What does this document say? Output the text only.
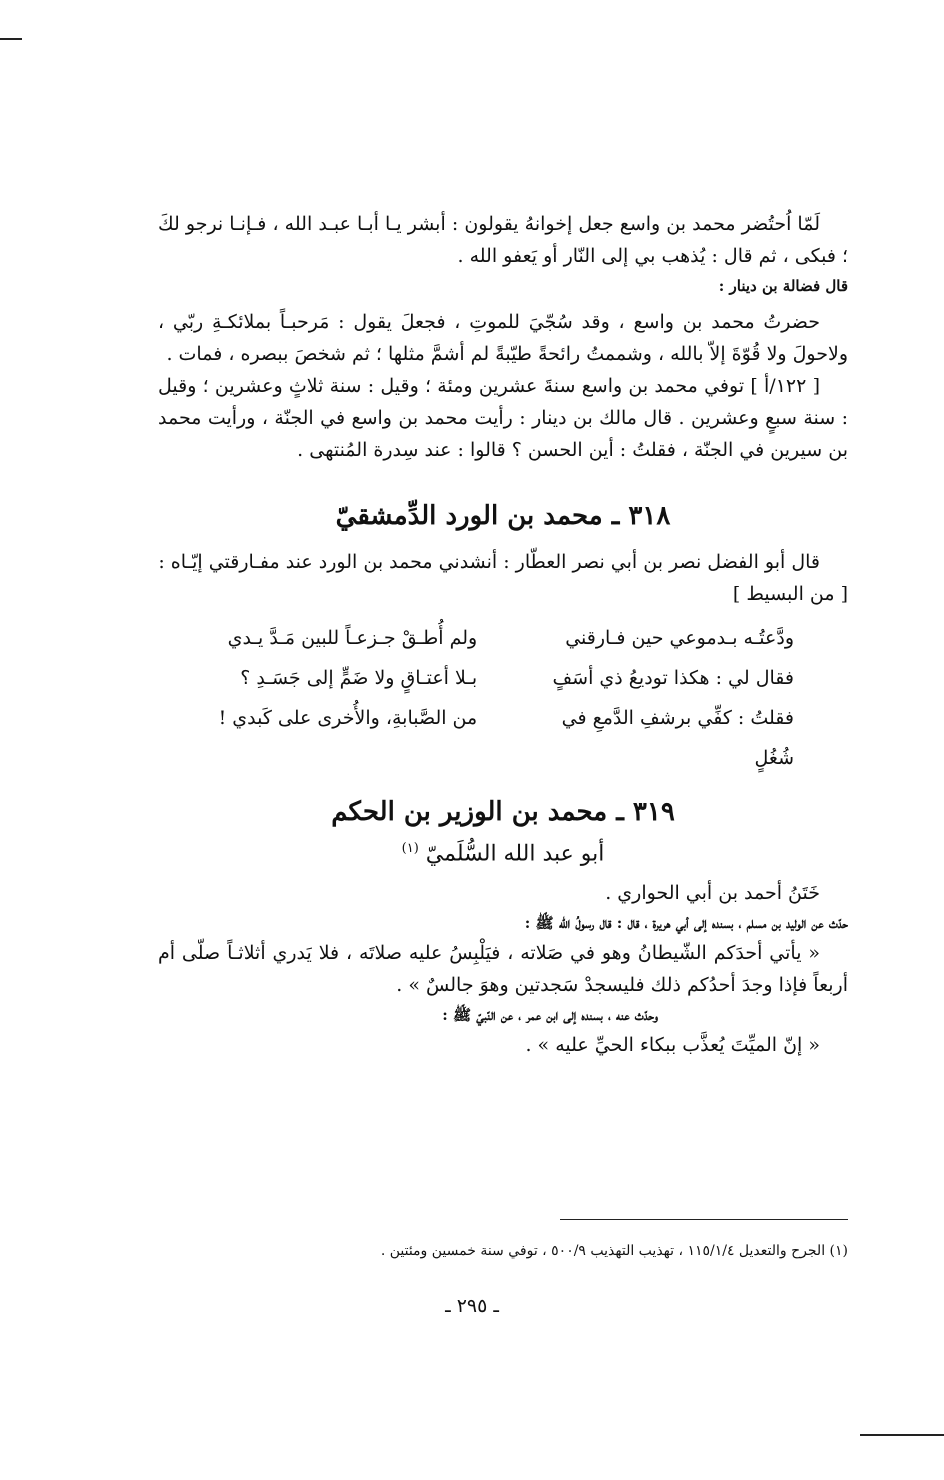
لَمّا اُحتُضر محمد بن واسع جعل إخوانهُ يقولون : أبشر يـا أبـا عبـد الله ، فـإنـا نرجو لكَ ؛ فبكى ، ثم قال : يُذهب بي إلى النّار أو يَعفو الله .

قال فضالة بن دينار :

حضرتُ محمد بن واسع ، وقد سُجّيَ للموتِ ، فجعلَ يقول : مَرحبـاً بملائكـةِ ربّي ، ولاحولَ ولا قُوّةَ إلاّ بالله ، وشممتُ رائحةً طيّبةً لم أشمَّ مثلها ؛ ثم شخصَ ببصره ، فمات .

[ ١٢٢/أ ] توفي محمد بن واسع سنةَ عشرين ومئة ؛ وقيل : سنة ثلاثٍ وعشرين ؛ وقيل : سنة سبعٍ وعشرين . قال مالك بن دينار : رأيت محمد بن واسع في الجنّة ، ورأيت محمد بن سيرين في الجنّة ، فقلتُ : أين الحسن ؟ قالوا : عند سِدرة المُنتهى .

٣١٨ ـ محمد بن الورد الدِّمشقيّ

قال أبو الفضل نصر بن أبي نصر العطّار : أنشدني محمد بن الورد عند مفـارقتي إيّـاه :

[ من البسيط ]

ودَّعتُـه بـدموعي حين فـارقني
ولم أُطـقْ جـزعـاً للبين مَـدَّ يـدي
فقال لي : هكذا توديعُ ذي أسَفٍ
بـلا أعتـاقٍ ولا ضَمٍّ إلى جَسَـدِ ؟
فقلتُ : كفِّي برشفِ الدَّمعِ في شُغُلٍ
من الصَّبابةِ، والأُخرى على كَبدي !

٣١٩ ـ محمد بن الوزير بن الحكم

أبو عبد الله السُّلَميّ $^{(١)}$

خَتَنُ أحمد بن أبي الحواري .

حدّث عن الوليد بن مسلم ، بسنده إلى أبي هريرة ، قال : قال رسولُ الله ﷺ :

« يأتي أحدَكم الشّيطانُ وهو في صَلاته ، فيَلْبِسُ عليه صلاتَه ، فلا يَدري أثلاثـاً صلّى أم أربعاً فإذا وجدَ أحدُكم ذلك فليسجدْ سَجدتين وهوَ جالسٌ » .

وحدّث عنه ، بسنده إلى ابن عمر ، عن النّبيّ ﷺ :

« إنّ الميِّتَ يُعذَّب ببكاء الحيِّ عليه » .

(١) الجرح والتعديل ١١٥/١/٤ ، تهذيب التهذيب ٥٠٠/٩ ، توفي سنة خمسين ومئتين .

ـ ٢٩٥ ـ
